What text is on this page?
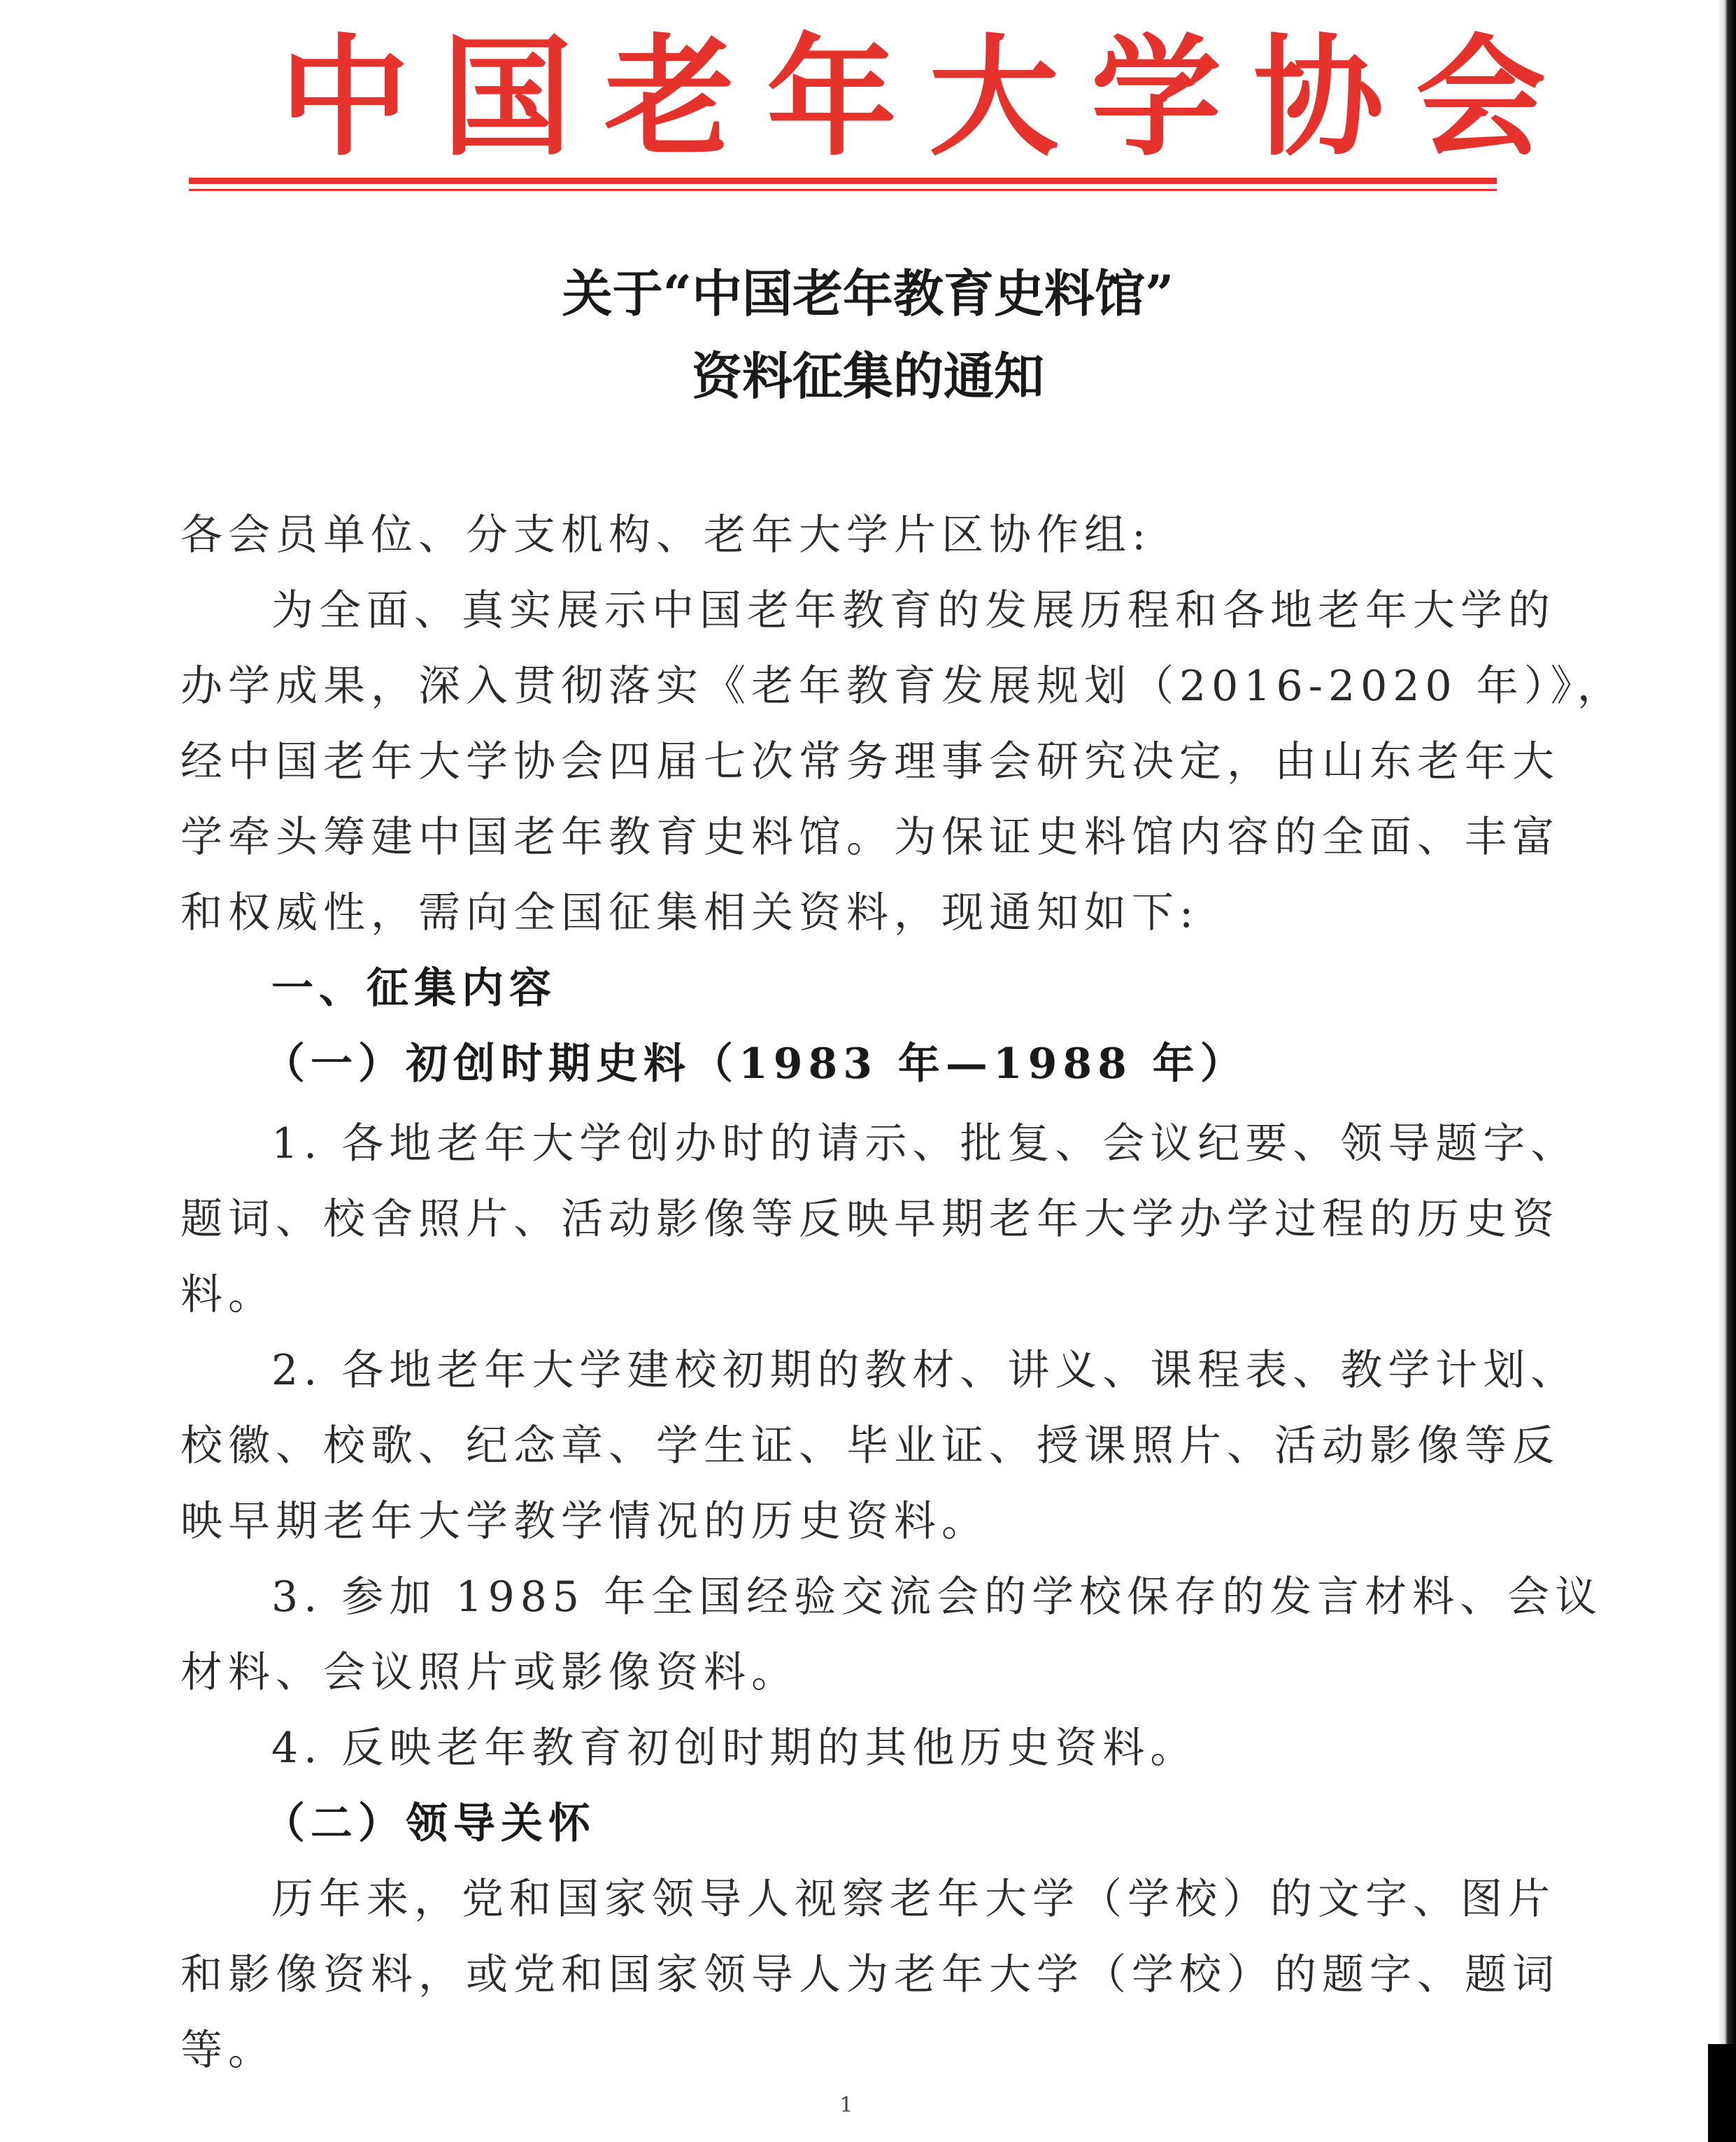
中国老年大学协会
关于“中国老年教育史料馆”
资料征集的通知
各会员单位、分支机构、老年大学片区协作组:
为全面、真实展示中国老年教育的发展历程和各地老年大学的
办学成果，深入贯彻落实《老年教育发展规划（2016-2020 年）》，
经中国老年大学协会四届七次常务理事会研究决定，由山东老年大
学牵头筹建中国老年教育史料馆。为保证史料馆内容的全面、丰富
和权威性，需向全国征集相关资料，现通知如下:
一、征集内容
（一）初创时期史料（1983 年—1988 年）
1. 各地老年大学创办时的请示、批复、会议纪要、领导题字、
题词、校舍照片、活动影像等反映早期老年大学办学过程的历史资
料。
2. 各地老年大学建校初期的教材、讲义、课程表、教学计划、
校徽、校歌、纪念章、学生证、毕业证、授课照片、活动影像等反
映早期老年大学教学情况的历史资料。
3. 参加 1985 年全国经验交流会的学校保存的发言材料、会议
材料、会议照片或影像资料。
4. 反映老年教育初创时期的其他历史资料。
（二）领导关怀
历年来，党和国家领导人视察老年大学（学校）的文字、图片
和影像资料，或党和国家领导人为老年大学（学校）的题字、题词
等。
1
